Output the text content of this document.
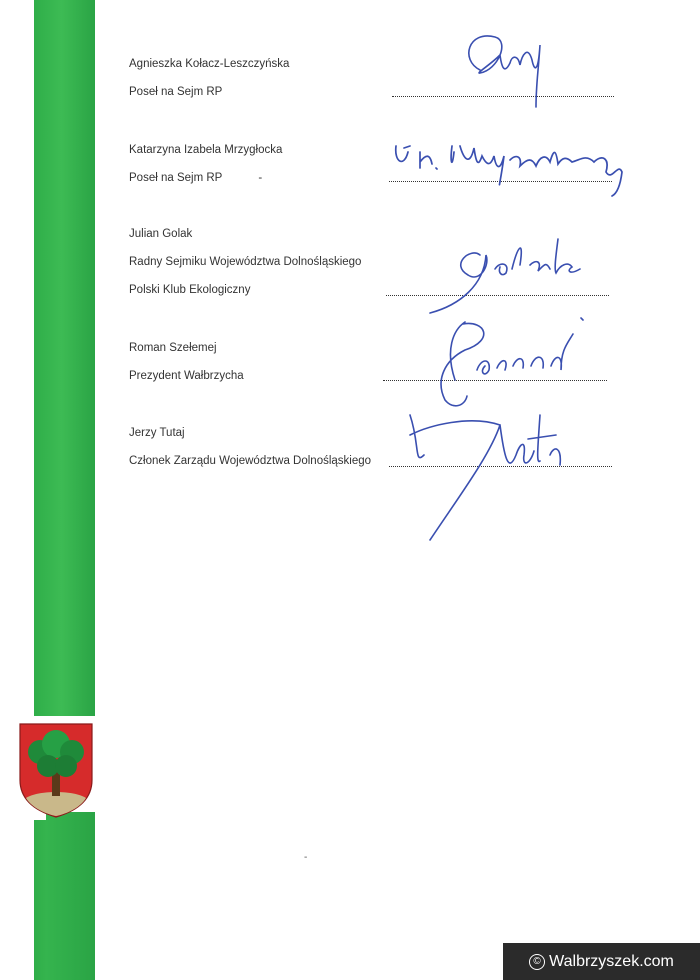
Agnieszka Kołacz-Leszczyńska
Poseł na Sejm RP
Katarzyna Izabela Mrzygłocka
Poseł na Sejm RP	-
Julian Golak
Radny Sejmiku Województwa Dolnośląskiego
Polski Klub Ekologiczny
Roman Szełemej
Prezydent Wałbrzycha
Jerzy Tutaj
Członek Zarządu Województwa Dolnośląskiego
-
© Walbrzyszek.com
